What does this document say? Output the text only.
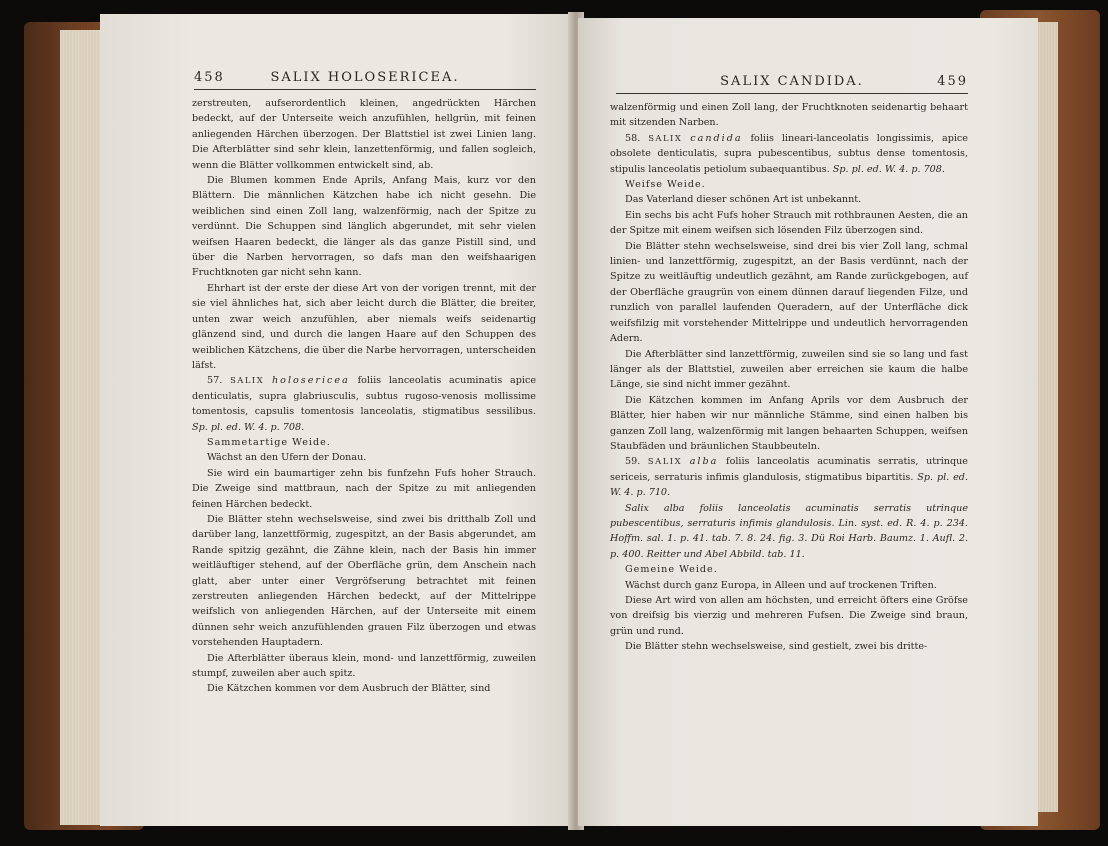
458	SALIX HOLOSERICEA.

zerstreuten, aufserordentlich kleinen, angedrückten Härchen bedeckt, auf der Unterseite weich anzufühlen, hellgrün, mit feinen anliegenden Härchen überzogen. Der Blattstiel ist zwei Linien lang. Die Afterblätter sind sehr klein, lanzettenförmig, und fallen sogleich, wenn die Blätter vollkommen entwickelt sind, ab.

Die Blumen kommen Ende Aprils, Anfang Mais, kurz vor den Blättern. Die männlichen Kätzchen habe ich nicht gesehn. Die weiblichen sind einen Zoll lang, walzenförmig, nach der Spitze zu verdünnt. Die Schuppen sind länglich abgerundet, mit sehr vielen weifsen Haaren bedeckt, die länger als das ganze Pistill sind, und über die Narben hervorragen, so dafs man den weifshaarigen Fruchtknoten gar nicht sehn kann.

Ehrhart ist der erste der diese Art von der vorigen trennt, mit der sie viel ähnliches hat, sich aber leicht durch die Blätter, die breiter, unten zwar weich anzufühlen, aber niemals weifs seidenartig glänzend sind, und durch die langen Haare auf den Schuppen des weiblichen Kätzchens, die über die Narbe hervorragen, unterscheiden läfst.

57. SALIX holosericea foliis lanceolatis acuminatis apice denticulatis, supra glabriusculis, subtus rugoso-venosis mollissime tomentosis, capsulis tomentosis lanceolatis, stigmatibus sessilibus. Sp. pl. ed. W. 4. p. 708.

Sammetartige Weide.

Wächst an den Ufern der Donau.

Sie wird ein baumartiger zehn bis funfzehn Fufs hoher Strauch. Die Zweige sind mattbraun, nach der Spitze zu mit anliegenden feinen Härchen bedeckt.

Die Blätter stehn wechselsweise, sind zwei bis dritthalb Zoll und darüber lang, lanzettförmig, zugespitzt, an der Basis abgerundet, am Rande spitzig gezähnt, die Zähne klein, nach der Basis hin immer weitläuftiger stehend, auf der Oberfläche grün, dem Anschein nach glatt, aber unter einer Vergröfserung betrachtet mit feinen zerstreuten anliegenden Härchen bedeckt, auf der Mittelrippe weifslich von anliegenden Härchen, auf der Unterseite mit einem dünnen sehr weich anzufühlenden grauen Filz überzogen und etwas vorstehenden Hauptadern.

Die Afterblätter überaus klein, mond- und lanzettförmig, zuweilen stumpf, zuweilen aber auch spitz.

Die Kätzchen kommen vor dem Ausbruch der Blätter, sind

SALIX CANDIDA.	459

walzenförmig und einen Zoll lang, der Fruchtknoten seidenartig behaart mit sitzenden Narben.

58. SALIX candida foliis lineari-lanceolatis longissimis, apice obsolete denticulatis, supra pubescentibus, subtus dense tomentosis, stipulis lanceolatis petiolum subaequantibus. Sp. pl. ed. W. 4. p. 708.

Weifse Weide.

Das Vaterland dieser schönen Art ist unbekannt.

Ein sechs bis acht Fufs hoher Strauch mit rothbraunen Aesten, die an der Spitze mit einem weifsen sich lösenden Filz überzogen sind.

Die Blätter stehn wechselsweise, sind drei bis vier Zoll lang, schmal linien- und lanzettförmig, zugespitzt, an der Basis verdünnt, nach der Spitze zu weitläuftig undeutlich gezähnt, am Rande zurückgebogen, auf der Oberfläche graugrün von einem dünnen darauf liegenden Filze, und runzlich von parallel laufenden Queradern, auf der Unterfläche dick weifsfilzig mit vorstehender Mittelrippe und undeutlich hervorragenden Adern.

Die Afterblätter sind lanzettförmig, zuweilen sind sie so lang und fast länger als der Blattstiel, zuweilen aber erreichen sie kaum die halbe Länge, sie sind nicht immer gezähnt.

Die Kätzchen kommen im Anfang Aprils vor dem Ausbruch der Blätter, hier haben wir nur männliche Stämme, sind einen halben bis ganzen Zoll lang, walzenförmig mit langen behaarten Schuppen, weifsen Staubfäden und bräunlichen Staubbeuteln.

59. SALIX alba foliis lanceolatis acuminatis serratis, utrinque sericeis, serraturis infimis glandulosis, stigmatibus bipartitis. Sp. pl. ed. W. 4. p. 710.

Salix alba foliis lanceolatis acuminatis serratis utrinque pubescentibus, serraturis infimis glandulosis. Lin. syst. ed. R. 4. p. 234. Hoffm. sal. 1. p. 41. tab. 7. 8. 24. fig. 3. Dü Roi Harb. Baumz. 1. Aufl. 2. p. 400. Reitter und Abel Abbild. tab. 11.

Gemeine Weide.

Wächst durch ganz Europa, in Alleen und auf trockenen Triften.

Diese Art wird von allen am höchsten, und erreicht öfters eine Gröfse von dreifsig bis vierzig und mehreren Fufsen. Die Zweige sind braun, grün und rund.

Die Blätter stehn wechselsweise, sind gestielt, zwei bis dritte-
